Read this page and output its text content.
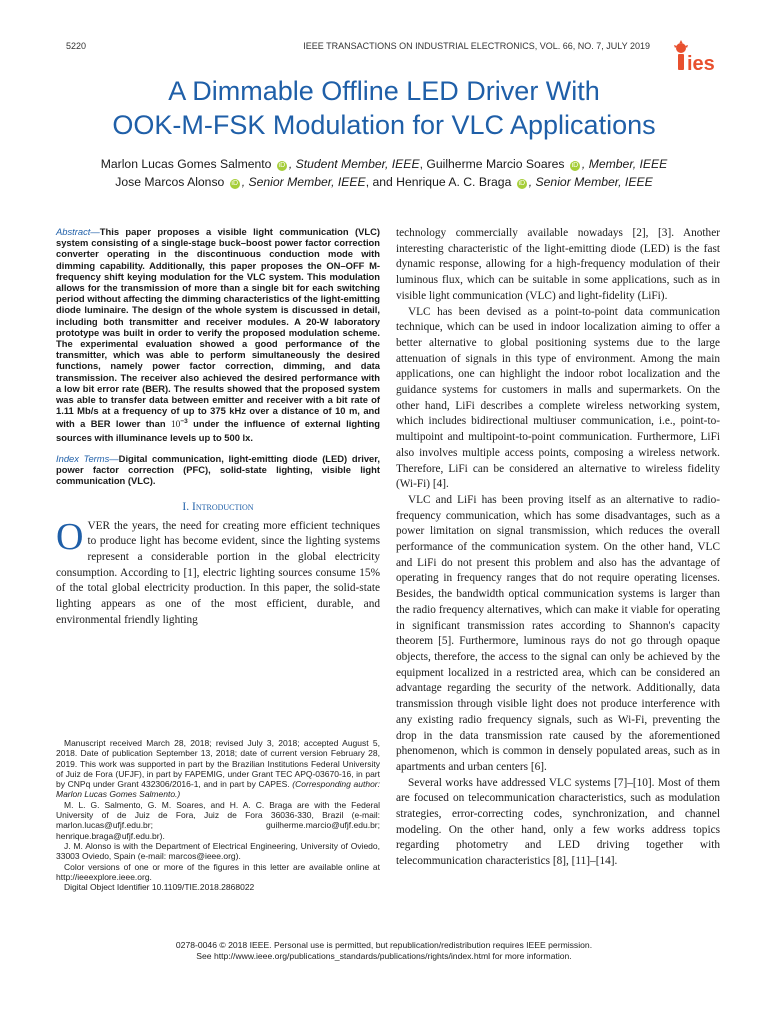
5220	IEEE TRANSACTIONS ON INDUSTRIAL ELECTRONICS, VOL. 66, NO. 7, JULY 2019
ies
A Dimmable Offline LED Driver With
OOK-M-FSK Modulation for VLC Applications
Marlon Lucas Gomes Salmento iD , Student Member, IEEE, Guilherme Marcio Soares iD , Member, IEEE
Jose Marcos Alonso iD , Senior Member, IEEE, and Henrique A. C. Braga iD , Senior Member, IEEE

Abstract—This paper proposes a visible light communication (VLC) system consisting of a single-stage buck–boost power factor correction converter operating in the discontinuous conduction mode with dimming capability. Additionally, this paper proposes the ON–OFF M-frequency shift keying modulation for the VLC system. This modulation allows for the transmission of more than a single bit for each switching period without affecting the dimming characteristics of the light-emitting diode luminaire. The design of the whole system is discussed in detail, including both transmitter and receiver modules. A 20-W laboratory prototype was built in order to verify the proposed modulation scheme. The experimental evaluation showed a good performance of the transmitter, which was able to perform simultaneously the desired functions, namely power factor correction, dimming, and data transmission. The receiver also achieved the desired performance with a low bit error rate (BER). The results showed that the proposed system was able to transfer data between emitter and receiver with a bit rate of 1.11 Mb/s at a frequency of up to 375 kHz over a distance of 10 m, and with a BER lower than $10^{-3}$ under the influence of external lighting sources with illuminance levels up to 500 lx.

Index Terms—Digital communication, light-emitting diode (LED) driver, power factor correction (PFC), solid-state lighting, visible light communication (VLC).

I. Introduction

OVER the years, the need for creating more efficient techniques to produce light has become evident, since the lighting systems represent a considerable portion in the global electricity consumption. According to [1], electric lighting sources consume 15% of the total global electricity production. In this paper, the solid-state lighting appears as one of the most efficient, durable, and environmental friendly lighting

Manuscript received March 28, 2018; revised July 3, 2018; accepted August 5, 2018. Date of publication September 13, 2018; date of current version February 28, 2019. This work was supported in part by the Brazilian Institutions Federal University of Juiz de Fora (UFJF), in part by FAPEMIG, under Grant TEC APQ-03670-16, in part by CNPq under Grant 432306/2016-1, and in part by CAPES. (Corresponding author: Marlon Lucas Gomes Salmento.)

M. L. G. Salmento, G. M. Soares, and H. A. C. Braga are with the Federal University of de Juiz de Fora, Juiz de Fora 36036-330, Brazil (e-mail: marlon.lucas@ufjf.edu.br; guilherme.marcio@ufjf.edu.br; henrique.braga@ufjf.edu.br).

J. M. Alonso is with the Department of Electrical Engineering, University of Oviedo, 33003 Oviedo, Spain (e-mail: marcos@ieee.org).

Color versions of one or more of the figures in this letter are available online at http://ieeexplore.ieee.org.

Digital Object Identifier 10.1109/TIE.2018.2868022

technology commercially available nowadays [2], [3]. Another interesting characteristic of the light-emitting diode (LED) is the fast dynamic response, allowing for a high-frequency modulation of their luminous flux, which can be suitable in some applications, such as in visible light communication (VLC) and light-fidelity (LiFi).

VLC has been devised as a point-to-point data communication technique, which can be used in indoor localization aiming to offer a better alternative to global positioning systems due to the large attenuation of signals in this type of environment. Among the main applications, one can highlight the indoor robot localization and the guidance systems for customers in malls and supermarkets. On the other hand, LiFi describes a complete wireless networking system, which includes bidirectional multiuser communication, i.e., point-to-multipoint and multipoint-to-point communication. Furthermore, LiFi also involves multiple access points, composing a wireless network. Therefore, LiFi can be considered an alternative to wireless fidelity (Wi-Fi) [4].

VLC and LiFi has been proving itself as an alternative to radio-frequency communication, which has some disadvantages, such as a power limitation on signal transmission, which reduces the overall performance of the communication system. On the other hand, VLC and LiFi do not present this problem and also has the advantage of operating in frequency ranges that do not require operating licenses. Besides, the bandwidth optical communication systems is larger than the radio frequency alternatives, which can make it viable for operating in significant transmission rates according to Shannon's capacity theorem [5]. Furthermore, luminous rays do not go through opaque objects, therefore, the access to the signal can only be achieved by the equipment localized in a restricted area, which can be considered an advantage regarding the security of the network. Additionally, data transmission through visible light does not produce interference with any existing radio frequency signals, such as Wi-Fi, preventing the drop in the data transmission rate caused by the aforementioned phenomenon, which is common in densely populated areas, such as in apartments and urban centers [6].

Several works have addressed VLC systems [7]–[10]. Most of them are focused on telecommunication characteristics, such as modulation strategies, error-correcting codes, synchronization, and channel modeling. On the other hand, only a few works address topics regarding photometry and LED driving together with telecommunication characteristics [8], [11]–[14].

0278-0046 © 2018 IEEE. Personal use is permitted, but republication/redistribution requires IEEE permission.
See http://www.ieee.org/publications_standards/publications/rights/index.html for more information.
